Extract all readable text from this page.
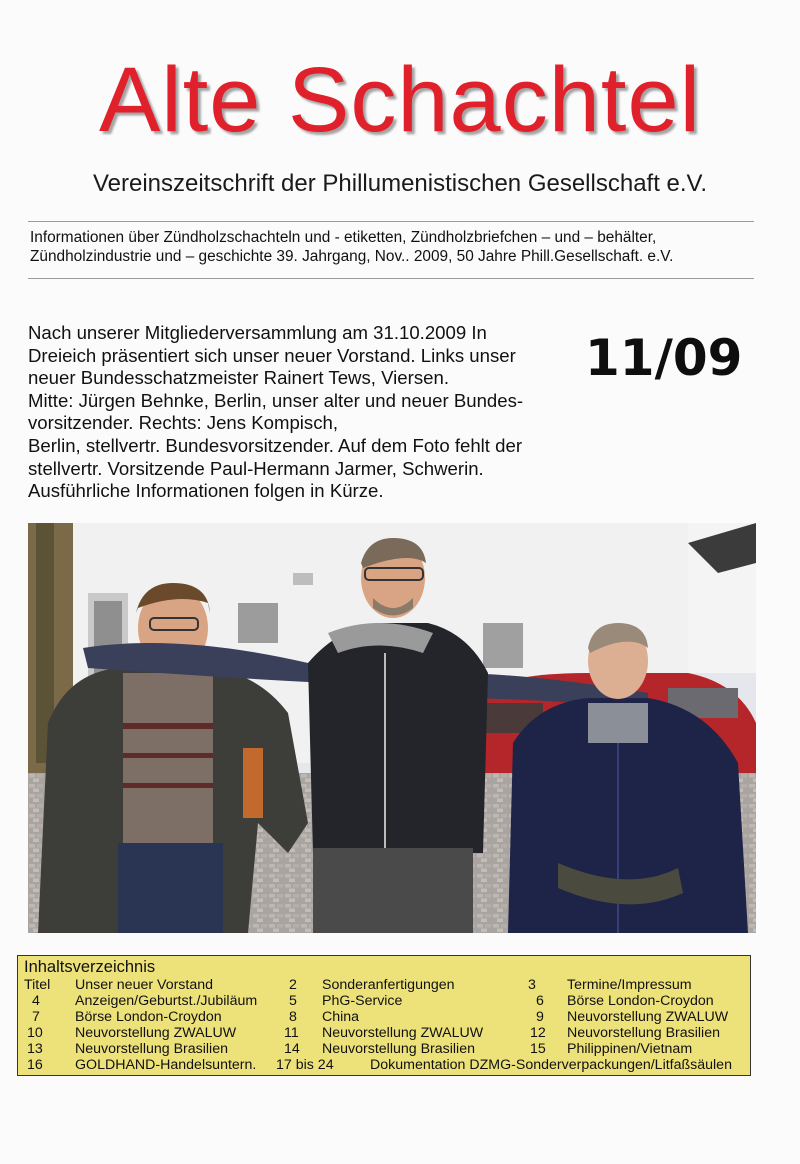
Alte Schachtel
Vereinszeitschrift der Phillumenistischen Gesellschaft e.V.
Informationen über Zündholzschachteln und - etiketten, Zündholzbriefchen – und – behälter,
Zündholzindustrie und – geschichte 39. Jahrgang, Nov.. 2009, 50 Jahre Phill.Gesellschaft. e.V.
Nach unserer Mitgliederversammlung am 31.10.2009 In
Dreieich präsentiert sich unser neuer Vorstand. Links unser
neuer Bundesschatzmeister Rainert Tews, Viersen.
Mitte: Jürgen Behnke, Berlin, unser alter und neuer Bundes-
vorsitzender. Rechts: Jens Kompisch,
Berlin, stellvertr. Bundesvorsitzender. Auf dem Foto fehlt der
stellvertr. Vorsitzende Paul-Hermann Jarmer, Schwerin.
Ausführliche Informationen folgen in Kürze.
11/09
Inhaltsverzeichnis
Titel Unser neuer Vorstand	2 Sonderanfertigungen	3 Termine/Impressum
4 Anzeigen/Geburtst./Jubiläum 5 PhG-Service	6 Börse London-Croydon
7 Börse London-Croydon	8 China	9 Neuvorstellung ZWALUW
10 Neuvorstellung ZWALUW	11 Neuvorstellung ZWALUW	12 Neuvorstellung Brasilien
13 Neuvorstellung Brasilien	14 Neuvorstellung Brasilien	15 Philippinen/Vietnam
16 GOLDHAND-Handelsuntern. 17 bis 24	Dokumentation DZMG-Sonderverpackungen/Litfaßsäulen
